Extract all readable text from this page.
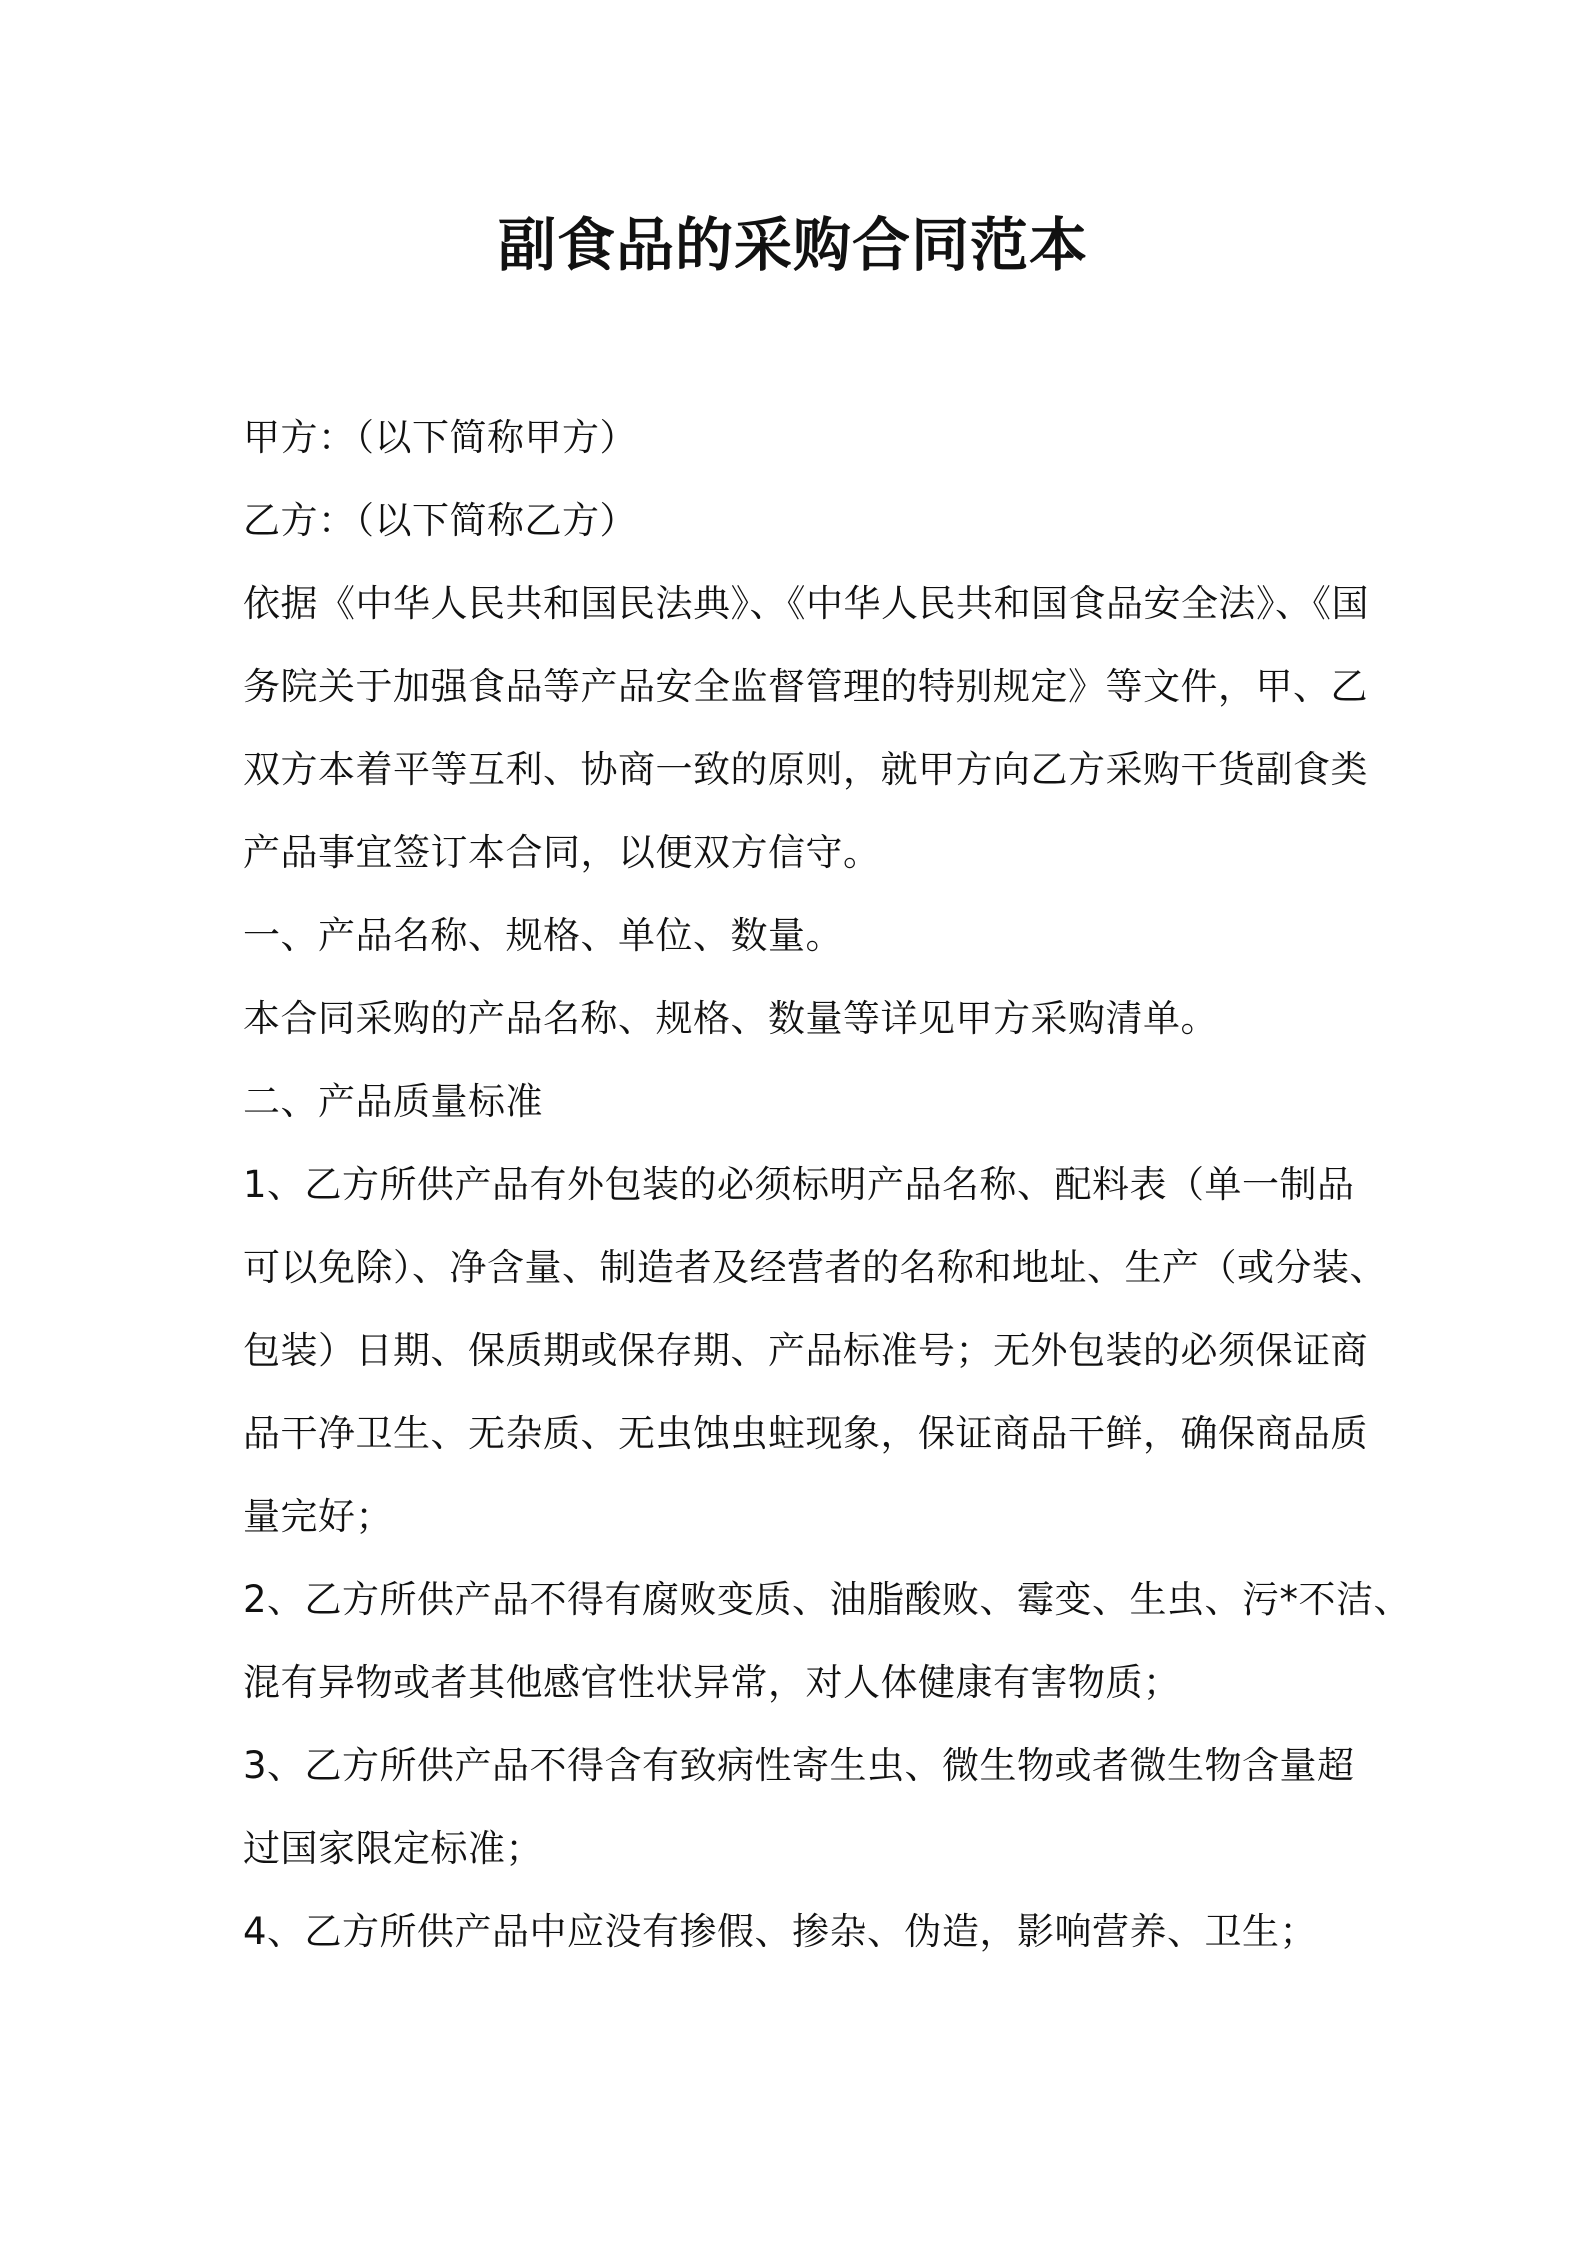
副食品的采购合同范本
甲方：（以下简称甲方）
乙方：（以下简称乙方）
依据《中华人民共和国民法典》、《中华人民共和国食品安全法》、《国
务院关于加强食品等产品安全监督管理的特别规定》等文件，甲、乙
双方本着平等互利、协商一致的原则，就甲方向乙方采购干货副食类
产品事宜签订本合同，以便双方信守。
一、产品名称、规格、单位、数量。
本合同采购的产品名称、规格、数量等详见甲方采购清单。
二、产品质量标准
1、乙方所供产品有外包装的必须标明产品名称、配料表（单一制品
可以免除）、净含量、制造者及经营者的名称和地址、生产（或分装、
包装）日期、保质期或保存期、产品标准号；无外包装的必须保证商
品干净卫生、无杂质、无虫蚀虫蛀现象，保证商品干鲜，确保商品质
量完好；
2、乙方所供产品不得有腐败变质、油脂酸败、霉变、生虫、污*不洁、
混有异物或者其他感官性状异常，对人体健康有害物质；
3、乙方所供产品不得含有致病性寄生虫、微生物或者微生物含量超
过国家限定标准；
4、乙方所供产品中应没有掺假、掺杂、伪造，影响营养、卫生；
